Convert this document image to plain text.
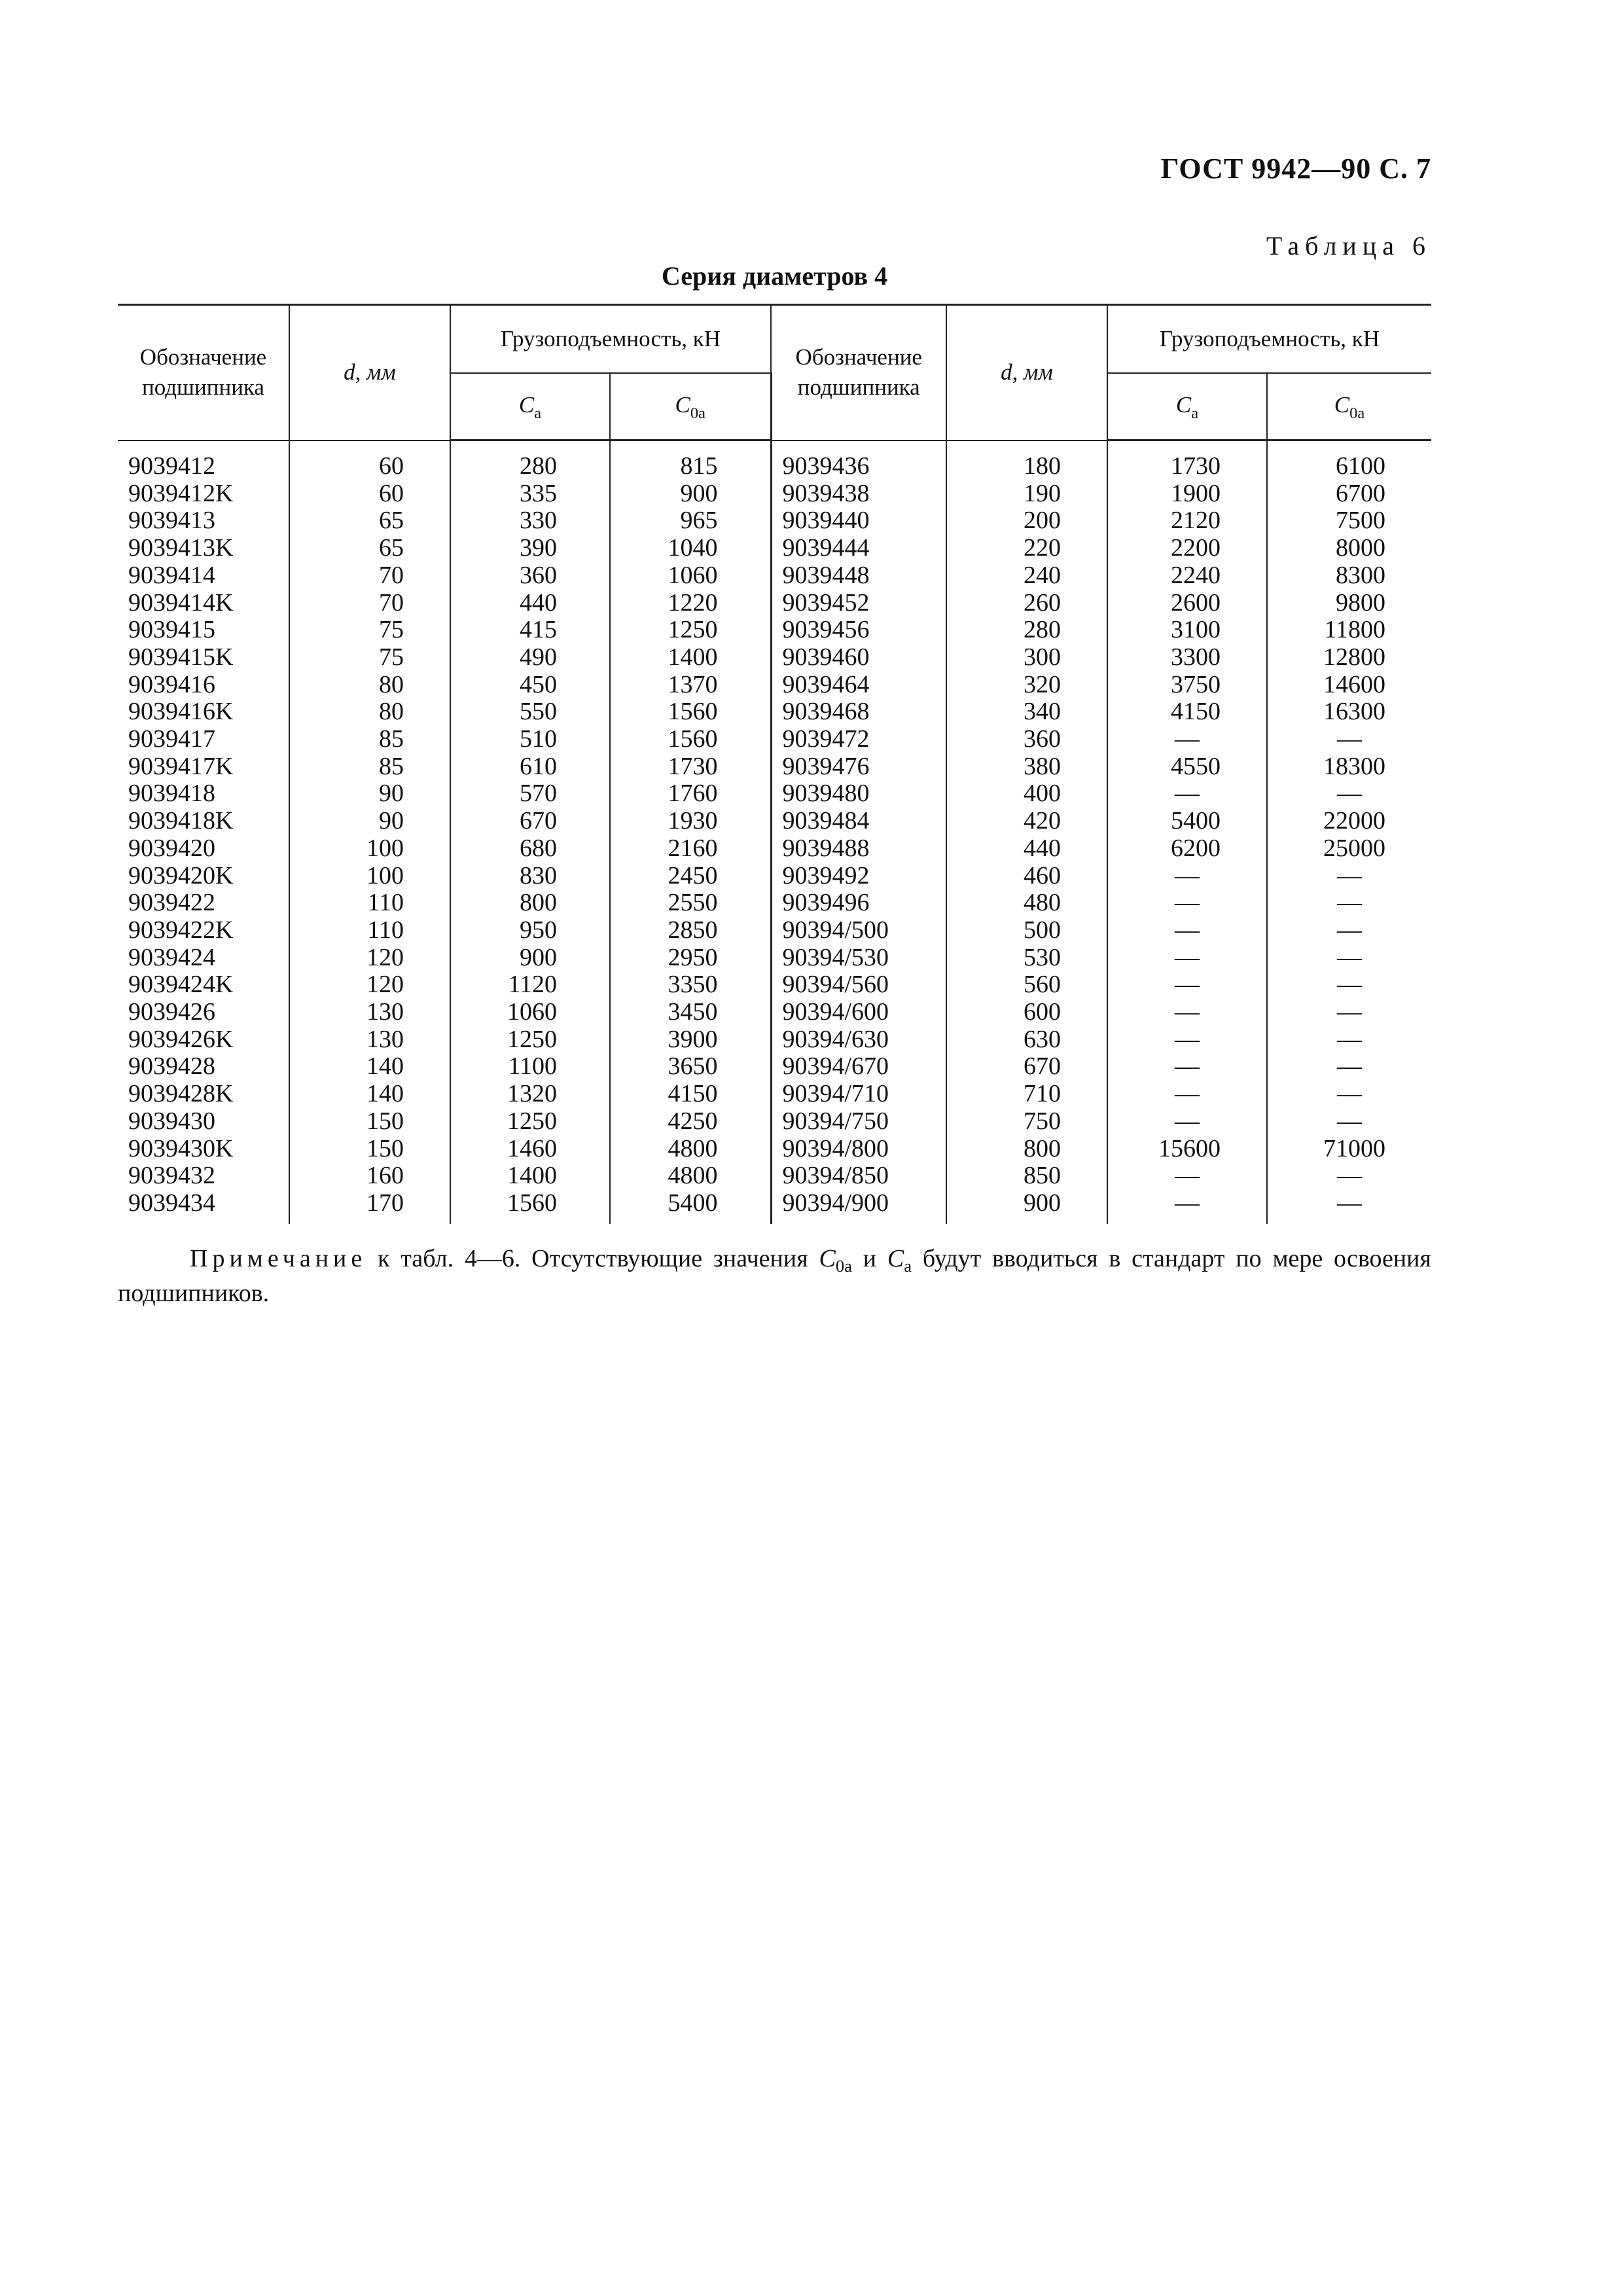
ГОСТ 9942—90 С. 7
Таблица 6
Серия диаметров 4
Обозначение подшипника	d, мм	Грузоподъемность, кН		Обозначение подшипника	d, мм	Грузоподъемность, кН	
		$C_a$	$C_{0a}$			$C_a$	$C_{0a}$
9039412	60	280	815	9039436	180	1730	6100
9039412K	60	335	900	9039438	190	1900	6700
9039413	65	330	965	9039440	200	2120	7500
9039413K	65	390	1040	9039444	220	2200	8000
9039414	70	360	1060	9039448	240	2240	8300
9039414K	70	440	1220	9039452	260	2600	9800
9039415	75	415	1250	9039456	280	3100	11800
9039415K	75	490	1400	9039460	300	3300	12800
9039416	80	450	1370	9039464	320	3750	14600
9039416K	80	550	1560	9039468	340	4150	16300
9039417	85	510	1560	9039472	360	—	—
9039417K	85	610	1730	9039476	380	4550	18300
9039418	90	570	1760	9039480	400	—	—
9039418K	90	670	1930	9039484	420	5400	22000
9039420	100	680	2160	9039488	440	6200	25000
9039420K	100	830	2450	9039492	460	—	—
9039422	110	800	2550	9039496	480	—	—
9039422K	110	950	2850	90394/500	500	—	—
9039424	120	900	2950	90394/530	530	—	—
9039424K	120	1120	3350	90394/560	560	—	—
9039426	130	1060	3450	90394/600	600	—	—
9039426K	130	1250	3900	90394/630	630	—	—
9039428	140	1100	3650	90394/670	670	—	—
9039428K	140	1320	4150	90394/710	710	—	—
9039430	150	1250	4250	90394/750	750	—	—
9039430K	150	1460	4800	90394/800	800	15600	71000
9039432	160	1400	4800	90394/850	850	—	—
9039434	170	1560	5400	90394/900	900	—	—
Примечание к табл. 4—6. Отсутствующие значения $C_{0a}$ и $C_a$ будут вводиться в стандарт по мере освоения подшипников.
